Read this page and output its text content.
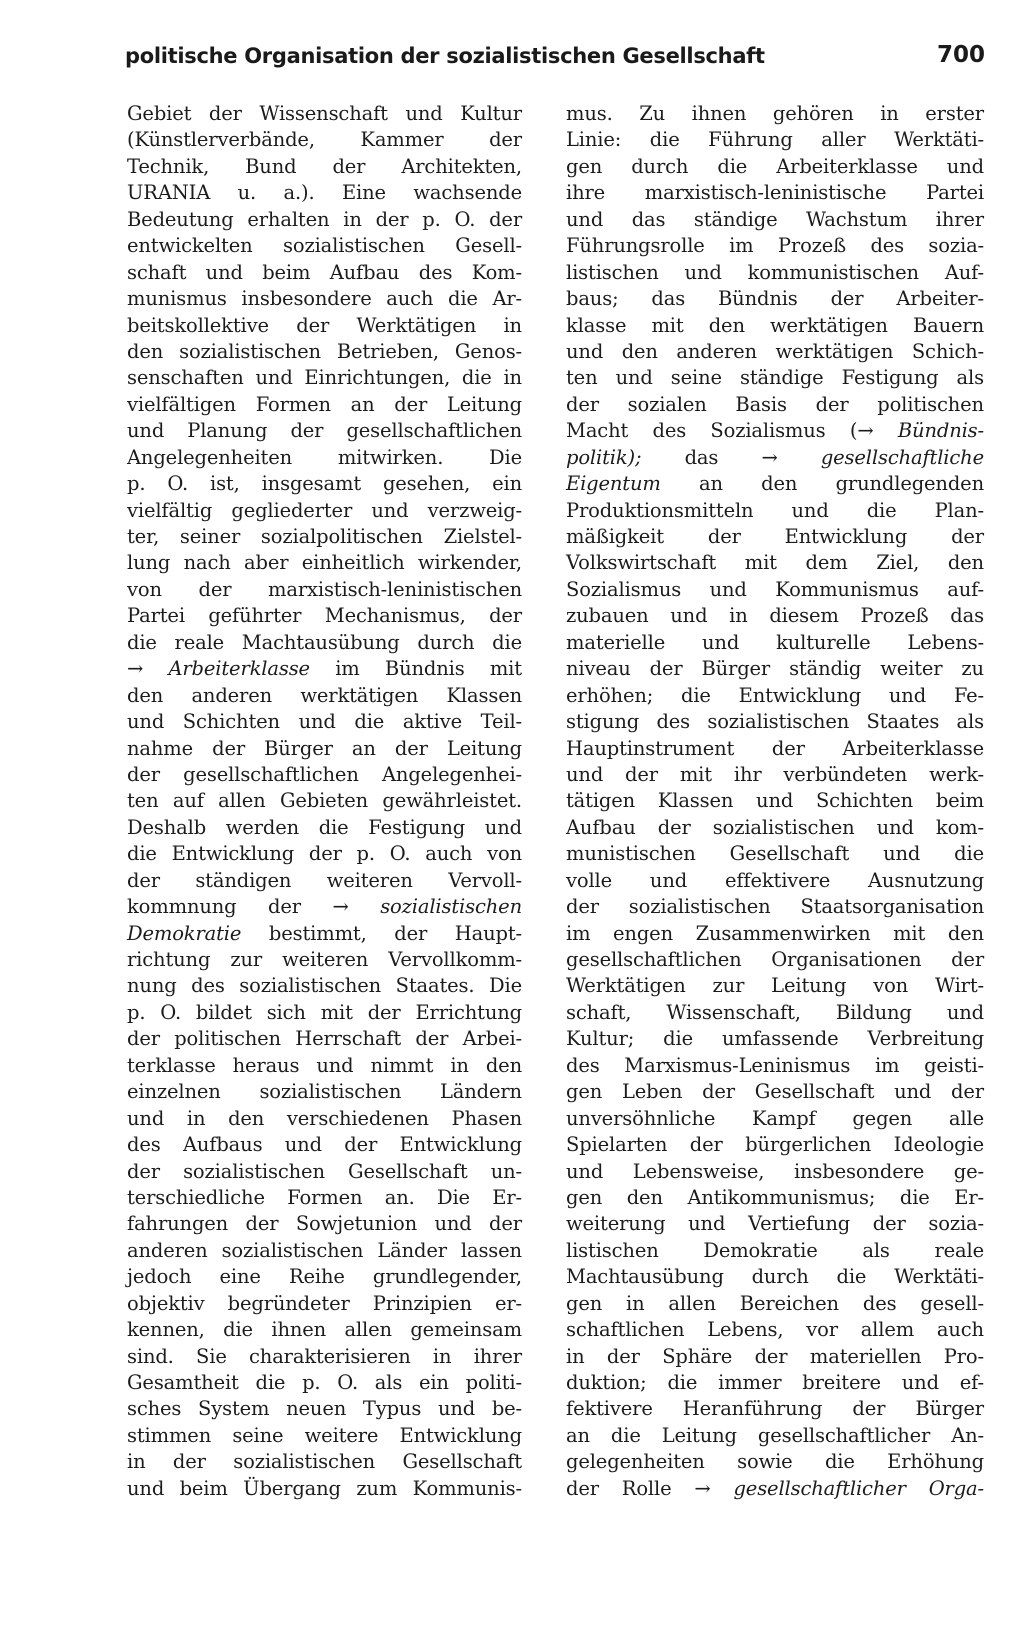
politische Organisation der sozialistischen Gesellschaft	700
Gebiet der Wissenschaft und Kultur
(Künstlerverbände, Kammer der
Technik, Bund der Architekten,
URANIA u. a.). Eine wachsende
Bedeutung erhalten in der p. O. der
entwickelten sozialistischen Gesell-
schaft und beim Aufbau des Kom-
munismus insbesondere auch die Ar-
beitskollektive der Werktätigen in
den sozialistischen Betrieben, Genos-
senschaften und Einrichtungen, die in
vielfältigen Formen an der Leitung
und Planung der gesellschaftlichen
Angelegenheiten mitwirken. Die
p. O. ist, insgesamt gesehen, ein
vielfältig gegliederter und verzweig-
ter, seiner sozialpolitischen Zielstel-
lung nach aber einheitlich wirkender,
von der marxistisch-leninistischen
Partei geführter Mechanismus, der
die reale Machtausübung durch die
→ Arbeiterklasse im Bündnis mit
den anderen werktätigen Klassen
und Schichten und die aktive Teil-
nahme der Bürger an der Leitung
der gesellschaftlichen Angelegenhei-
ten auf allen Gebieten gewährleistet.
Deshalb werden die Festigung und
die Entwicklung der p. O. auch von
der ständigen weiteren Vervoll-
kommnung der → sozialistischen
Demokratie bestimmt, der Haupt-
richtung zur weiteren Vervollkomm-
nung des sozialistischen Staates. Die
p. O. bildet sich mit der Errichtung
der politischen Herrschaft der Arbei-
terklasse heraus und nimmt in den
einzelnen sozialistischen Ländern
und in den verschiedenen Phasen
des Aufbaus und der Entwicklung
der sozialistischen Gesellschaft un-
terschiedliche Formen an. Die Er-
fahrungen der Sowjetunion und der
anderen sozialistischen Länder lassen
jedoch eine Reihe grundlegender,
objektiv begründeter Prinzipien er-
kennen, die ihnen allen gemeinsam
sind. Sie charakterisieren in ihrer
Gesamtheit die p. O. als ein politi-
sches System neuen Typus und be-
stimmen seine weitere Entwicklung
in der sozialistischen Gesellschaft
und beim Übergang zum Kommunis-
mus. Zu ihnen gehören in erster
Linie: die Führung aller Werktäti-
gen durch die Arbeiterklasse und
ihre marxistisch-leninistische Partei
und das ständige Wachstum ihrer
Führungsrolle im Prozeß des sozia-
listischen und kommunistischen Auf-
baus; das Bündnis der Arbeiter-
klasse mit den werktätigen Bauern
und den anderen werktätigen Schich-
ten und seine ständige Festigung als
der sozialen Basis der politischen
Macht des Sozialismus (→ Bündnis-
politik); das → gesellschaftliche
Eigentum an den grundlegenden
Produktionsmitteln und die Plan-
mäßigkeit der Entwicklung der
Volkswirtschaft mit dem Ziel, den
Sozialismus und Kommunismus auf-
zubauen und in diesem Prozeß das
materielle und kulturelle Lebens-
niveau der Bürger ständig weiter zu
erhöhen; die Entwicklung und Fe-
stigung des sozialistischen Staates als
Hauptinstrument der Arbeiterklasse
und der mit ihr verbündeten werk-
tätigen Klassen und Schichten beim
Aufbau der sozialistischen und kom-
munistischen Gesellschaft und die
volle und effektivere Ausnutzung
der sozialistischen Staatsorganisation
im engen Zusammenwirken mit den
gesellschaftlichen Organisationen der
Werktätigen zur Leitung von Wirt-
schaft, Wissenschaft, Bildung und
Kultur; die umfassende Verbreitung
des Marxismus-Leninismus im geisti-
gen Leben der Gesellschaft und der
unversöhnliche Kampf gegen alle
Spielarten der bürgerlichen Ideologie
und Lebensweise, insbesondere ge-
gen den Antikommunismus; die Er-
weiterung und Vertiefung der sozia-
listischen Demokratie als reale
Machtausübung durch die Werktäti-
gen in allen Bereichen des gesell-
schaftlichen Lebens, vor allem auch
in der Sphäre der materiellen Pro-
duktion; die immer breitere und ef-
fektivere Heranführung der Bürger
an die Leitung gesellschaftlicher An-
gelegenheiten sowie die Erhöhung
der Rolle → gesellschaftlicher Orga-
